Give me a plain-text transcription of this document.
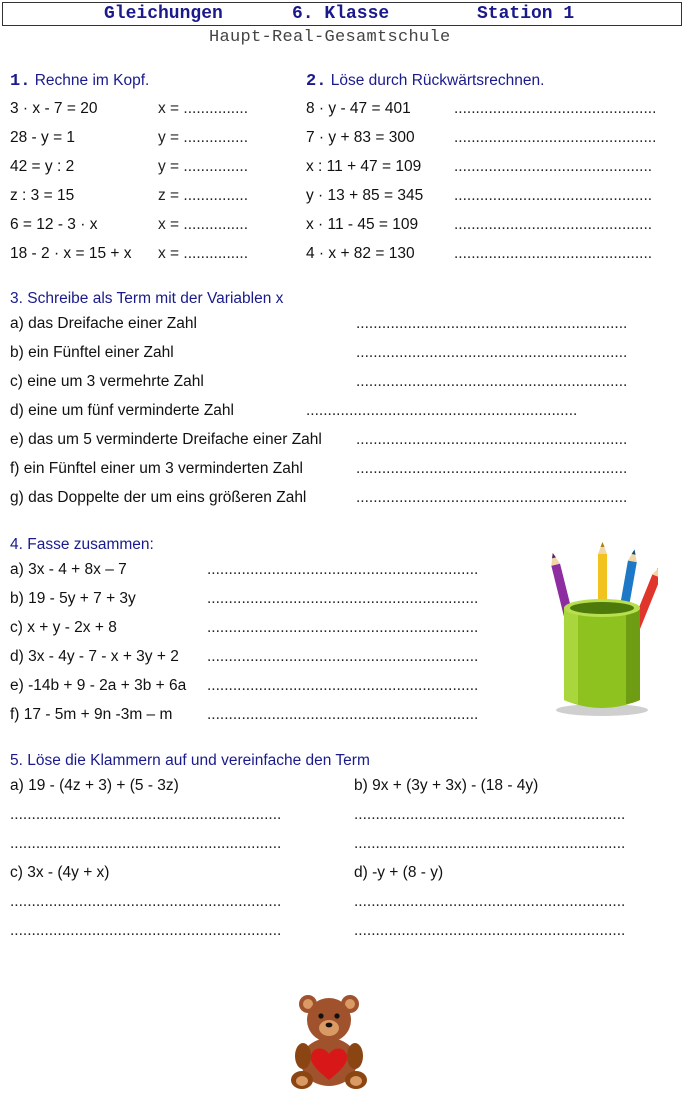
Gleichungen	6. Klasse	Station 1
Haupt-Real-Gesamtschule
1. Rechne im Kopf.
3 · x - 7 = 20	x = ...............
28 - y = 1	y = ...............
42 = y : 2	y = ...............
z : 3 = 15	z = ...............
6 = 12 - 3 · x	x = ...............
18 - 2 · x = 15 + x x = ...............
2. Löse durch Rückwärtsrechnen.
8 · y - 47 = 401	...............................................
7 · y + 83 = 300	...............................................
x : 11 + 47 = 109 ..............................................
y · 13 + 85 = 345 ..............................................
x · 11 - 45 = 109 ..............................................
4 · x + 82 = 130	..............................................
3. Schreibe als Term mit der Variablen x
a) das Dreifache einer Zahl	...............................................................
b) ein Fünftel einer Zahl	...............................................................
c) eine um 3 vermehrte Zahl	...............................................................
d) eine um fünf verminderte Zahl	...............................................................
e) das um 5 verminderte Dreifache einer Zahl ...............................................................
f) ein Fünftel einer um 3 verminderten Zahl	...............................................................
g) das Doppelte der um eins größeren Zahl	...............................................................
4. Fasse zusammen:
a) 3x - 4 + 8x – 7	...............................................................
b) 19 - 5y + 7 + 3y	...............................................................
c) x + y - 2x + 8	...............................................................
d) 3x - 4y - 7 - x + 3y + 2 ...............................................................
e) -14b + 9 - 2a + 3b + 6a ...............................................................
f) 17 - 5m + 9n -3m – m ...............................................................
5. Löse die Klammern auf und vereinfache den Term
a) 19 - (4z + 3) + (5 - 3z)	b) 9x + (3y + 3x) - (18 - 4y)
...............................................................	...............................................................
...............................................................	...............................................................
c) 3x - (4y + x)	d) -y + (8 - y)
...............................................................	...............................................................
...............................................................	...............................................................
